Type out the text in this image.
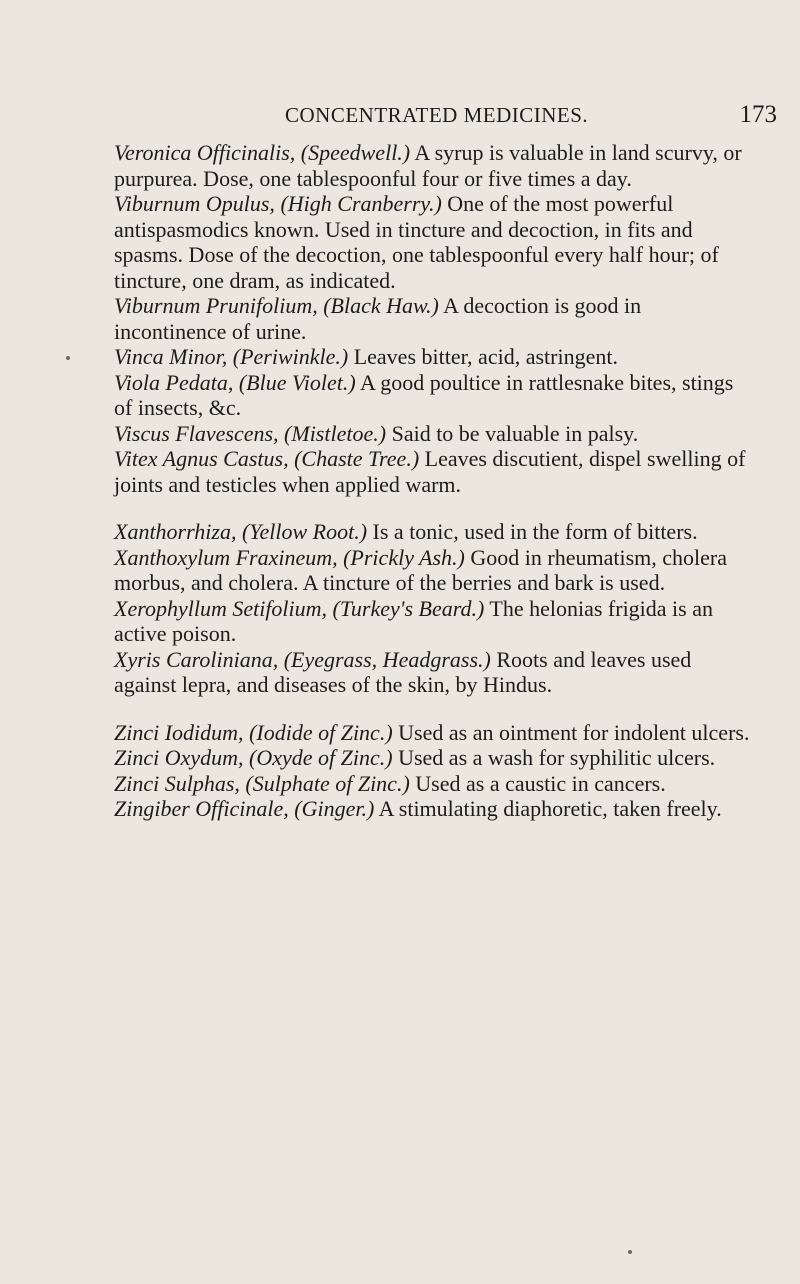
CONCENTRATED MEDICINES.	173

Veronica Officinalis, (Speedwell.) A syrup is valuable in land scurvy, or purpurea. Dose, one tablespoonful four or five times a day.

Viburnum Opulus, (High Cranberry.) One of the most powerful antispasmodics known. Used in tincture and decoction, in fits and spasms. Dose of the decoction, one tablespoonful every half hour; of tincture, one dram, as indicated.

Viburnum Prunifolium, (Black Haw.) A decoction is good in incontinence of urine.

Vinca Minor, (Periwinkle.) Leaves bitter, acid, astringent.

Viola Pedata, (Blue Violet.) A good poultice in rattlesnake bites, stings of insects, &c.

Viscus Flavescens, (Mistletoe.) Said to be valuable in palsy.

Vitex Agnus Castus, (Chaste Tree.) Leaves discutient, dispel swelling of joints and testicles when applied warm.

Xanthorrhiza, (Yellow Root.) Is a tonic, used in the form of bitters.

Xanthoxylum Fraxineum, (Prickly Ash.) Good in rheumatism, cholera morbus, and cholera. A tincture of the berries and bark is used.

Xerophyllum Setifolium, (Turkey's Beard.) The helonias frigida is an active poison.

Xyris Caroliniana, (Eyegrass, Headgrass.) Roots and leaves used against lepra, and diseases of the skin, by Hindus.

Zinci Iodidum, (Iodide of Zinc.) Used as an ointment for indolent ulcers.

Zinci Oxydum, (Oxyde of Zinc.) Used as a wash for syphilitic ulcers.

Zinci Sulphas, (Sulphate of Zinc.) Used as a caustic in cancers.

Zingiber Officinale, (Ginger.) A stimulating diaphoretic, taken freely.
